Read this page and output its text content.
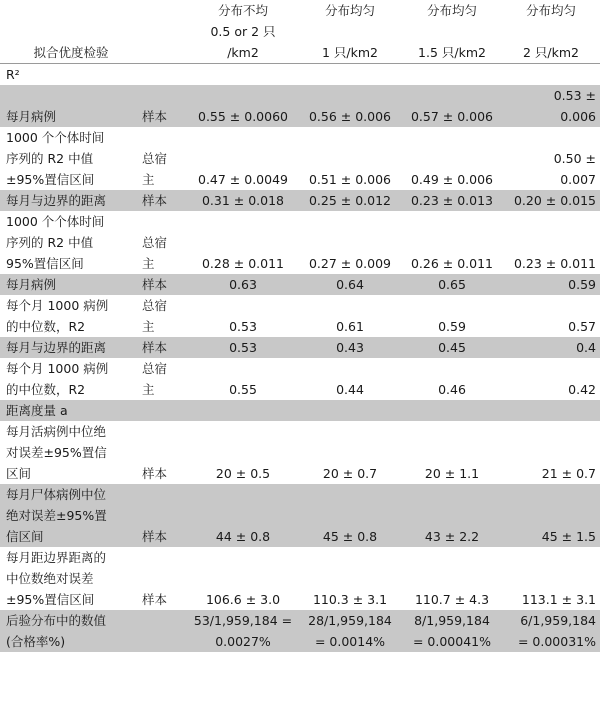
		分布不均	分布均匀	分布均匀	分布均匀
		0.5 or 2 只			
拟合优度检验		/km2	1 只/km2	1.5 只/km2	2 只/km2
R²					
					0.53 ±
每月病例	样本	0.55 ± 0.0060	0.56 ± 0.006	0.57 ± 0.006	0.006
1000 个个体时间					
序列的 R2 中值	总宿				0.50 ±
±95%置信区间	主	0.47 ± 0.0049	0.51 ± 0.006	0.49 ± 0.006	0.007
每月与边界的距离	样本	0.31 ± 0.018	0.25 ± 0.012	0.23 ± 0.013	0.20 ± 0.015
1000 个个体时间					
序列的 R2 中值	总宿				
95%置信区间	主	0.28 ± 0.011	0.27 ± 0.009	0.26 ± 0.011	0.23 ± 0.011
每月病例	样本	0.63	0.64	0.65	0.59
每个月 1000 病例	总宿				
的中位数，R2	主	0.53	0.61	0.59	0.57
每月与边界的距离	样本	0.53	0.43	0.45	0.4
每个月 1000 病例	总宿				
的中位数，R2	主	0.55	0.44	0.46	0.42
距离度量 a					
每月活病例中位绝					
对误差±95%置信					
区间	样本	20 ± 0.5	20 ± 0.7	20 ± 1.1	21 ± 0.7
每月尸体病例中位					
绝对误差±95%置					
信区间	样本	44 ± 0.8	45 ± 0.8	43 ± 2.2	45 ± 1.5
每月距边界距离的					
中位数绝对误差					
±95%置信区间	样本	106.6 ± 3.0	110.3 ± 3.1	110.7 ± 4.3	113.1 ± 3.1
后验分布中的数值		53/1,959,184 =	28/1,959,184	8/1,959,184	6/1,959,184
(合格率%)		0.0027%	= 0.0014%	= 0.00041%	= 0.00031%
